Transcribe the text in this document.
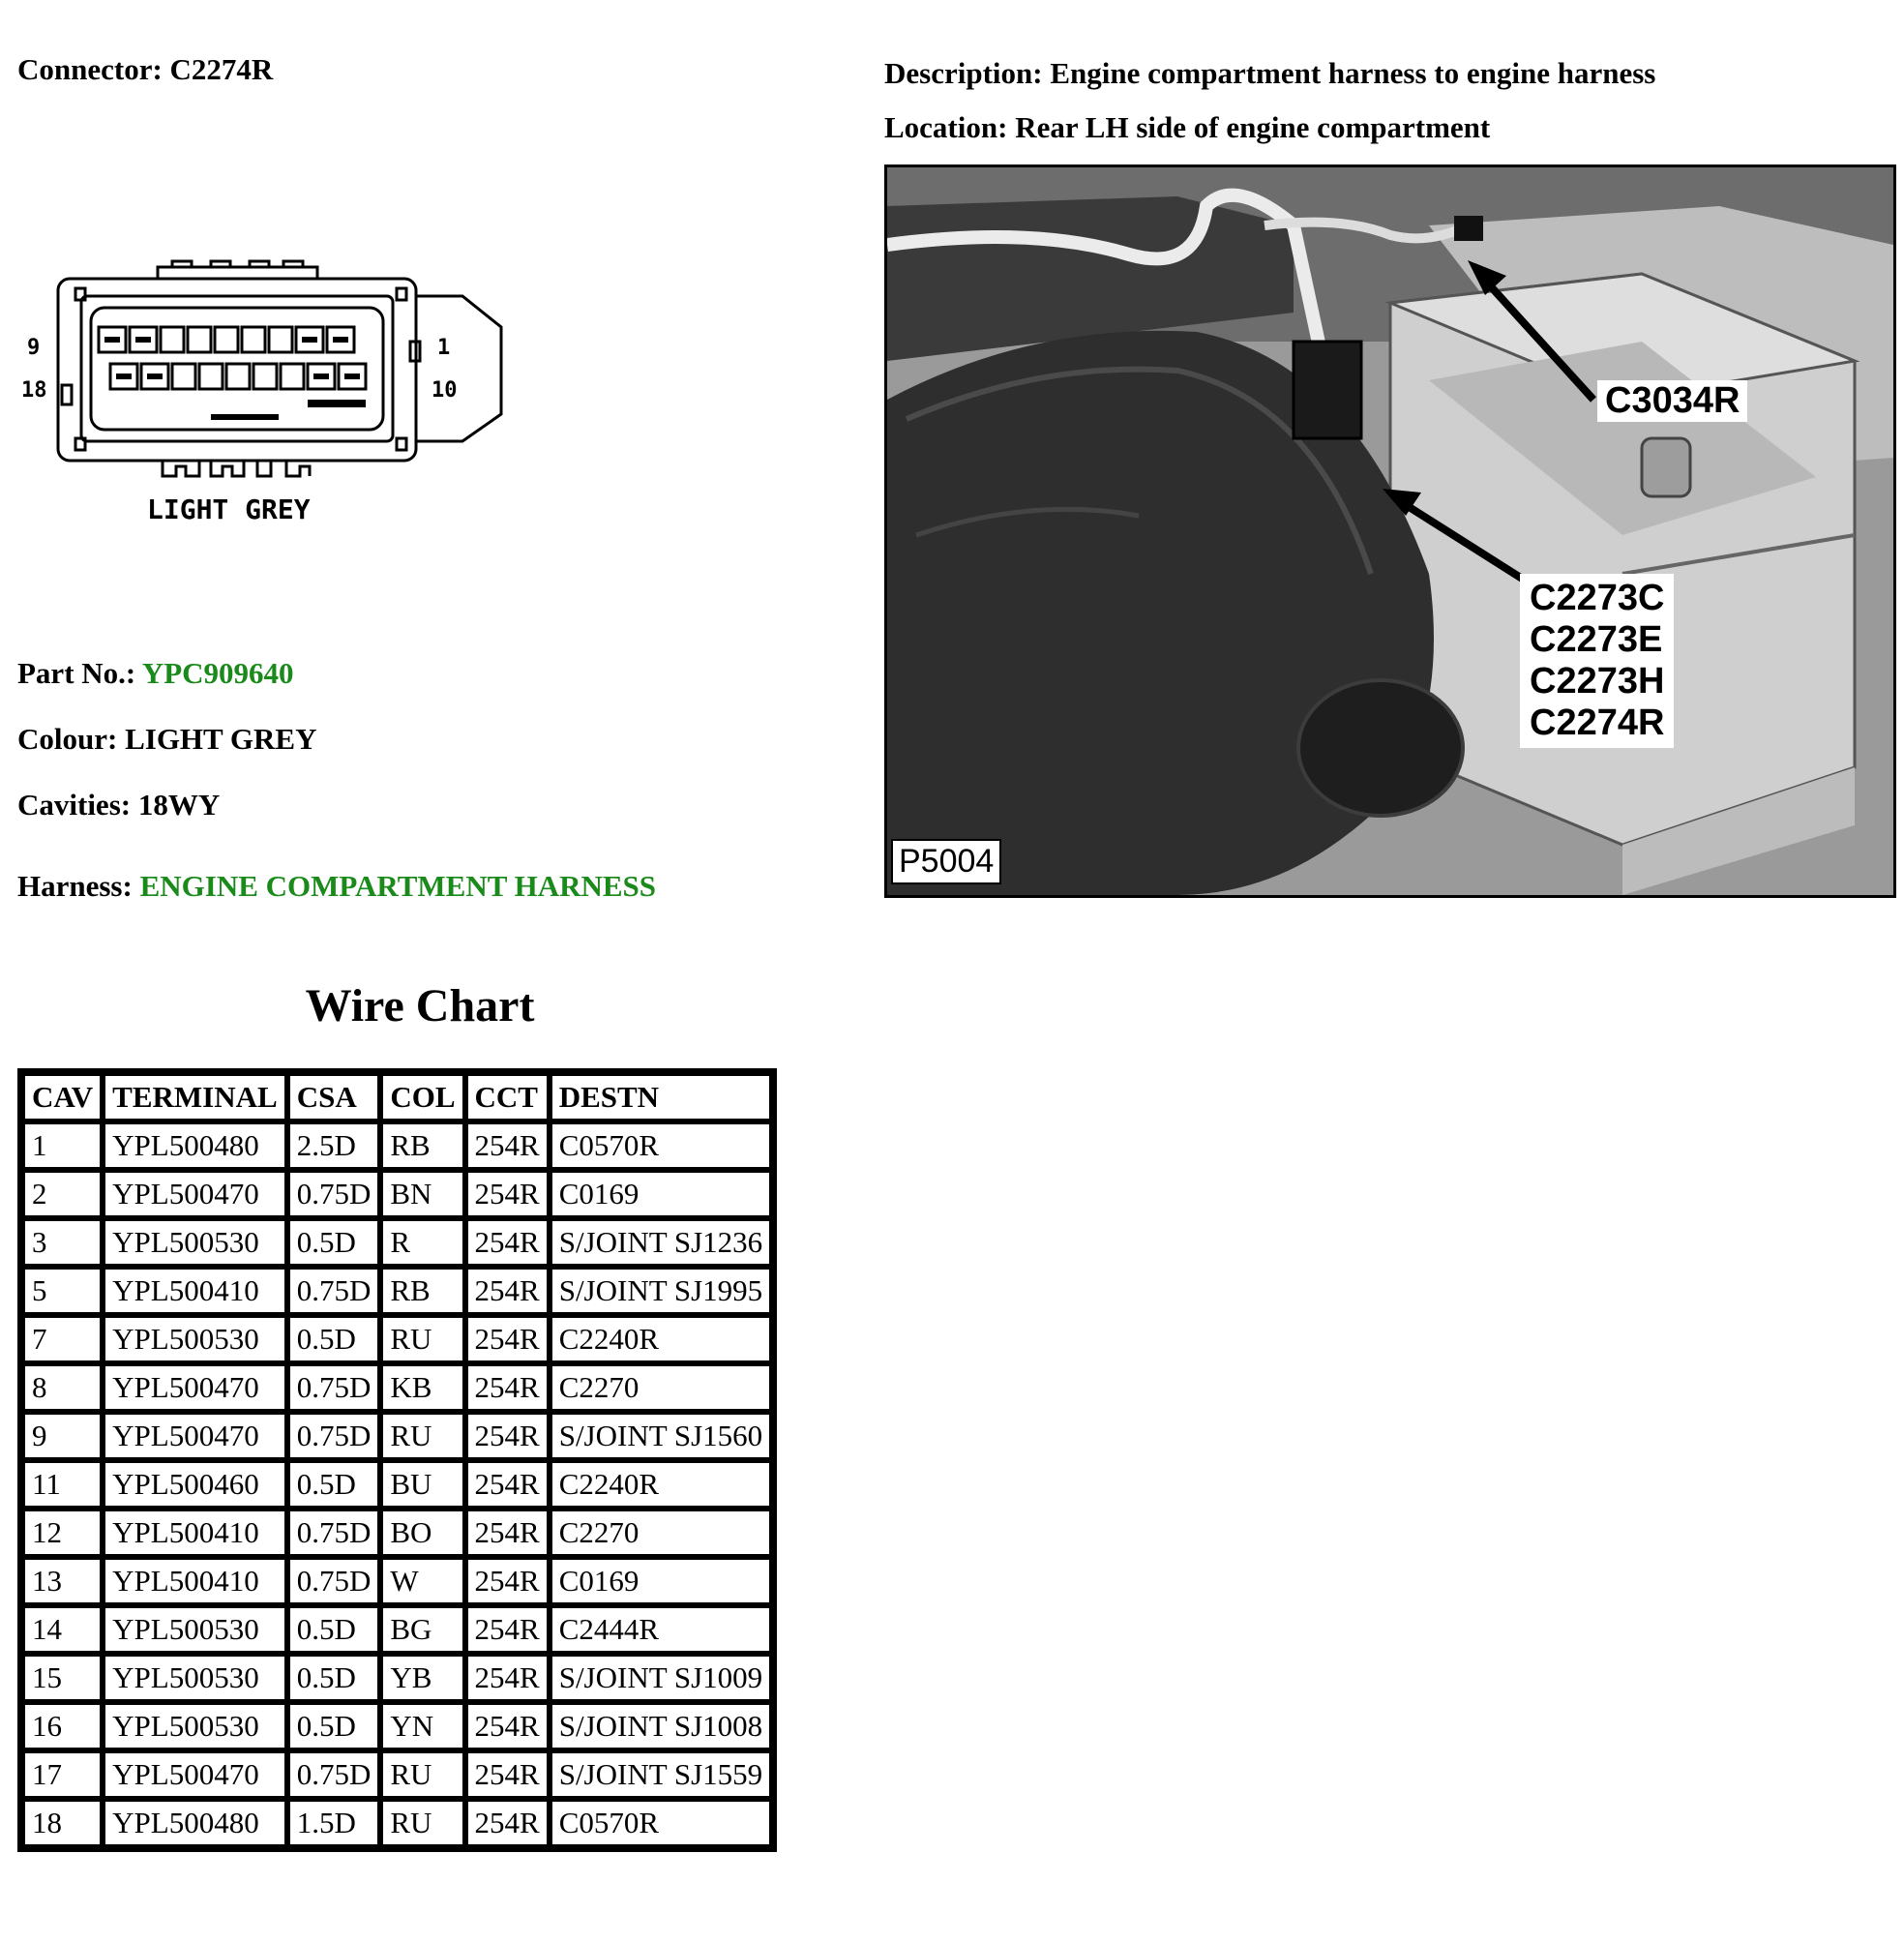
Connector: C2274R	Description: Engine compartment harness to engine harness
Location: Rear LH side of engine compartment
9
18
1
10
LIGHT GREY
Part No.: YPC909640
Colour: LIGHT GREY
Cavities: 18WY
Harness: ENGINE COMPARTMENT HARNESS
C3034R
C2273C
C2273E
C2273H
C2274R
P5004
Wire Chart
CAV	TERMINAL	CSA	COL	CCT	DESTN
1	YPL500480	2.5D	RB	254R	C0570R
2	YPL500470	0.75D	BN	254R	C0169
3	YPL500530	0.5D	R	254R	S/JOINT SJ1236
5	YPL500410	0.75D	RB	254R	S/JOINT SJ1995
7	YPL500530	0.5D	RU	254R	C2240R
8	YPL500470	0.75D	KB	254R	C2270
9	YPL500470	0.75D	RU	254R	S/JOINT SJ1560
11	YPL500460	0.5D	BU	254R	C2240R
12	YPL500410	0.75D	BO	254R	C2270
13	YPL500410	0.75D	W	254R	C0169
14	YPL500530	0.5D	BG	254R	C2444R
15	YPL500530	0.5D	YB	254R	S/JOINT SJ1009
16	YPL500530	0.5D	YN	254R	S/JOINT SJ1008
17	YPL500470	0.75D	RU	254R	S/JOINT SJ1559
18	YPL500480	1.5D	RU	254R	C0570R
